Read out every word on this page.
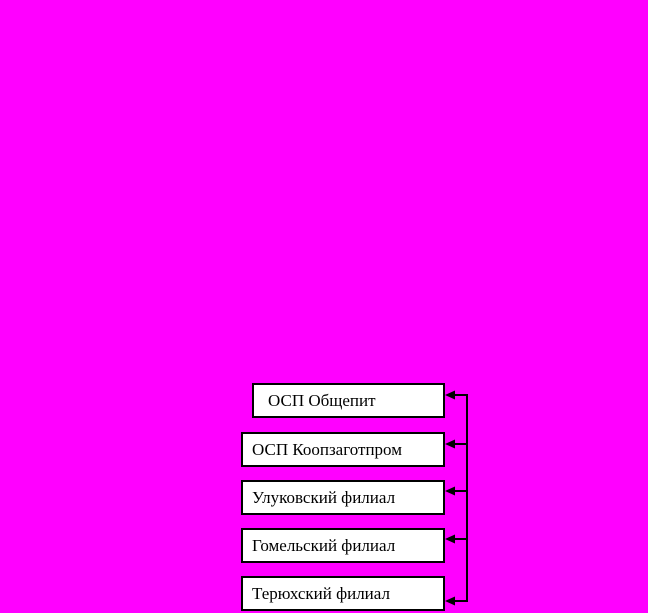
ОСП Общепит
ОСП Коопзаготпром
Улуковский филиал
Гомельский филиал
Терюхский филиал
